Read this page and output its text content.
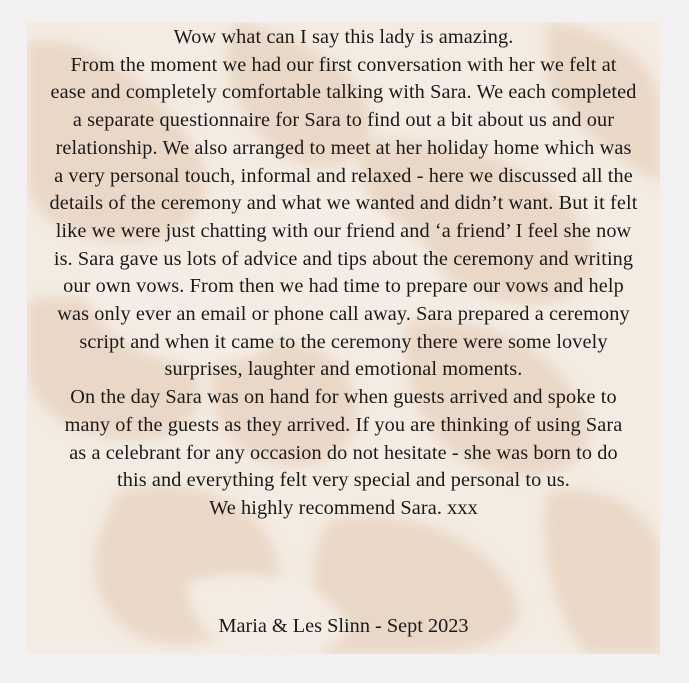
Wow what can I say this lady is amazing.
From the moment we had our first conversation with her we felt at
ease and completely comfortable talking with Sara. We each completed
a separate questionnaire for Sara to find out a bit about us and our
relationship. We also arranged to meet at her holiday home which was
a very personal touch, informal and relaxed - here we discussed all the
details of the ceremony and what we wanted and didn’t want. But it felt
like we were just chatting with our friend and ‘a friend’ I feel she now
is. Sara gave us lots of advice and tips about the ceremony and writing
our own vows. From then we had time to prepare our vows and help
was only ever an email or phone call away. Sara prepared a ceremony
script and when it came to the ceremony there were some lovely
surprises, laughter and emotional moments.
On the day Sara was on hand for when guests arrived and spoke to
many of the guests as they arrived. If you are thinking of using Sara
as a celebrant for any occasion do not hesitate - she was born to do
this and everything felt very special and personal to us.
We highly recommend Sara. xxx
Maria & Les Slinn - Sept 2023
